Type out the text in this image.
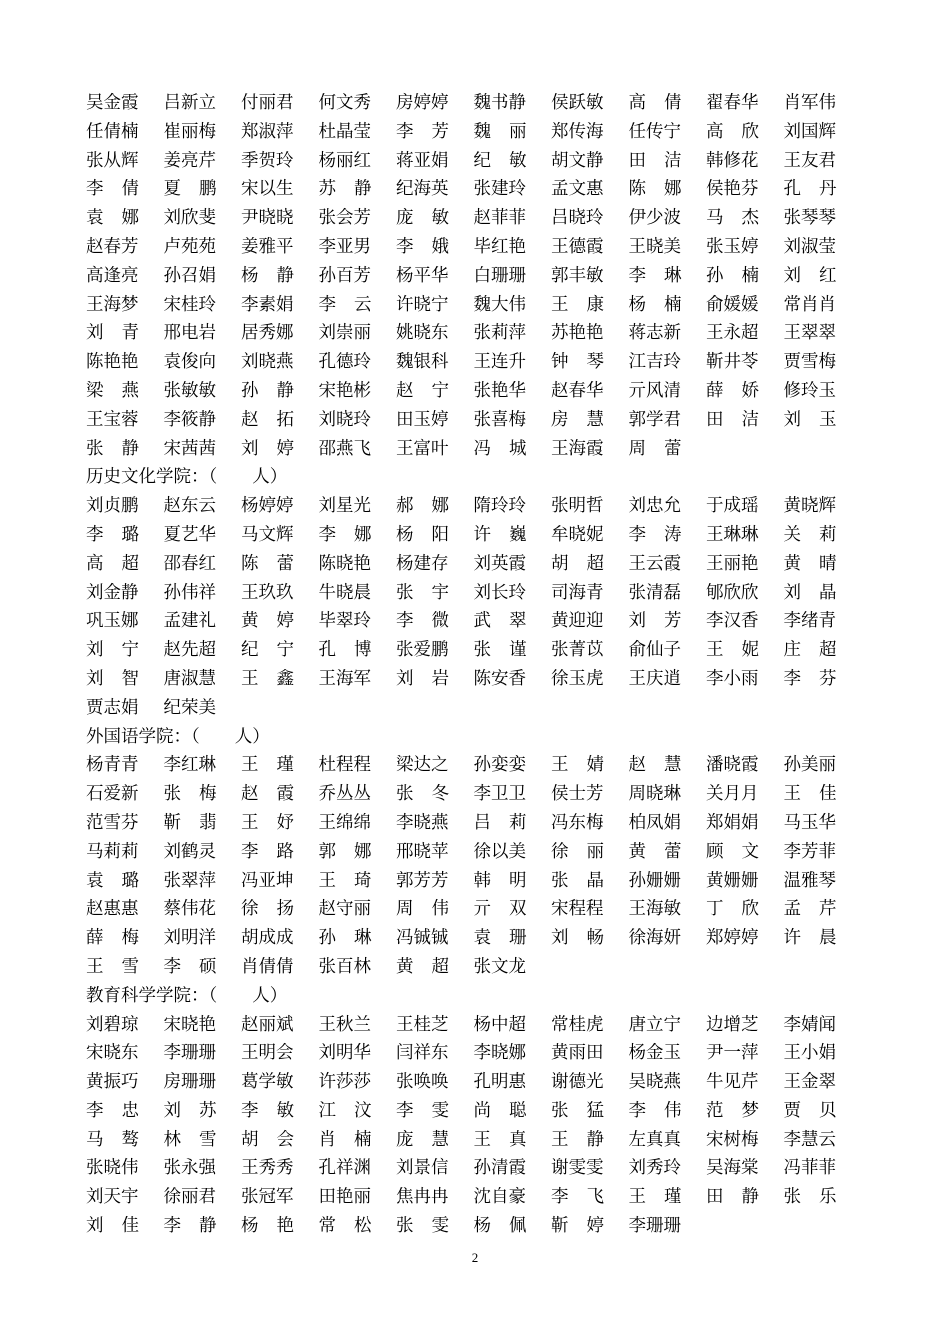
吴金霞 吕新立 付丽君 何文秀 房婷婷 魏书静 侯跃敏 高 倩 翟春华 肖军伟
任倩楠 崔丽梅 郑淑萍 杜晶莹 李 芳 魏 丽 郑传海 任传宁 高 欣 刘国辉
张从辉 姜亮芹 季贺玲 杨丽红 蒋亚娟 纪 敏 胡文静 田 洁 韩修花 王友君
李 倩 夏 鹏 宋以生 苏 静 纪海英 张建玲 孟文惠 陈 娜 侯艳芬 孔 丹
袁 娜 刘欣斐 尹晓晓 张会芳 庞 敏 赵菲菲 吕晓玲 伊少波 马 杰 张琴琴
赵春芳 卢苑苑 姜雅平 李亚男 李 娥 毕红艳 王德霞 王晓美 张玉婷 刘淑莹
高逢亮 孙召娟 杨 静 孙百芳 杨平华 白珊珊 郭丰敏 李 琳 孙 楠 刘 红
王海梦 宋桂玲 李素娟 李 云 许晓宁 魏大伟 王 康 杨 楠 俞媛媛 常肖肖
刘 青 邢电岩 居秀娜 刘崇丽 姚晓东 张莉萍 苏艳艳 蒋志新 王永超 王翠翠
陈艳艳 袁俊向 刘晓燕 孔德玲 魏银科 王连升 钟 琴 江吉玲 靳井苓 贾雪梅
梁 燕 张敏敏 孙 静 宋艳彬 赵 宁 张艳华 赵春华 亓风清 薛 娇 修玲玉
王宝蓉 李筱静 赵 拓 刘晓玲 田玉婷 张喜梅 房 慧 郭学君 田 洁 刘 玉
张 静 宋茜茜 刘 婷 邵燕飞 王富叶 冯 城 王海霞 周 蕾
历史文化学院：（　　人）
刘贞鹏 赵东云 杨婷婷 刘星光 郝 娜 隋玲玲 张明哲 刘忠允 于成瑶 黄晓辉
李 璐 夏艺华 马文辉 李 娜 杨 阳 许 巍 牟晓妮 李 涛 王琳琳 关 莉
高 超 邵春红 陈 蕾 陈晓艳 杨建存 刘英霞 胡 超 王云霞 王丽艳 黄 晴
刘金静 孙伟祥 王玖玖 牛晓晨 张 宇 刘长玲 司海青 张清磊 郇欣欣 刘 晶
巩玉娜 孟建礼 黄 婷 毕翠玲 李 微 武 翠 黄迎迎 刘 芳 李汉香 李绪青
刘 宁 赵先超 纪 宁 孔 博 张爱鹏 张 谨 张菁苡 俞仙子 王 妮 庄 超
刘 智 唐淑慧 王 鑫 王海军 刘 岩 陈安香 徐玉虎 王庆逍 李小雨 李 芬
贾志娟 纪荣美
外国语学院：（　　人）
杨青青 李红琳 王 瑾 杜程程 梁达之 孙娈娈 王 婧 赵 慧 潘晓霞 孙美丽
石爱新 张 梅 赵 霞 乔丛丛 张 冬 李卫卫 侯士芳 周晓琳 关月月 王 佳
范雪芬 靳 翡 王 妤 王绵绵 李晓燕 吕 莉 冯东梅 柏凤娟 郑娟娟 马玉华
马莉莉 刘鹤灵 李 路 郭 娜 邢晓苹 徐以美 徐 丽 黄 蕾 顾 文 李芳菲
袁 璐 张翠萍 冯亚坤 王 琦 郭芳芳 韩 明 张 晶 孙姗姗 黄姗姗 温雅琴
赵惠惠 蔡伟花 徐 扬 赵守丽 周 伟 亓 双 宋程程 王海敏 丁 欣 孟 芹
薛 梅 刘明洋 胡成成 孙 琳 冯铖铖 袁 珊 刘 畅 徐海妍 郑婷婷 许 晨
王 雪 李 硕 肖倩倩 张百林 黄 超 张文龙
教育科学学院：（　　人）
刘碧琼 宋晓艳 赵丽斌 王秋兰 王桂芝 杨中超 常桂虎 唐立宁 边增芝 李婧闻
宋晓东 李珊珊 王明会 刘明华 闫祥东 李晓娜 黄雨田 杨金玉 尹一萍 王小娟
黄振巧 房珊珊 葛学敏 许莎莎 张唤唤 孔明惠 谢德光 吴晓燕 牛见芹 王金翠
李 忠 刘 苏 李 敏 江 汶 李 雯 尚 聪 张 猛 李 伟 范 梦 贾 贝
马 骜 林 雪 胡 会 肖 楠 庞 慧 王 真 王 静 左真真 宋树梅 李慧云
张晓伟 张永强 王秀秀 孔祥渊 刘景信 孙清霞 谢雯雯 刘秀玲 吴海棠 冯菲菲
刘天宇 徐丽君 张冠军 田艳丽 焦冉冉 沈自豪 李 飞 王 瑾 田 静 张 乐
刘 佳 李 静 杨 艳 常 松 张 雯 杨 佩 靳 婷 李珊珊
2
